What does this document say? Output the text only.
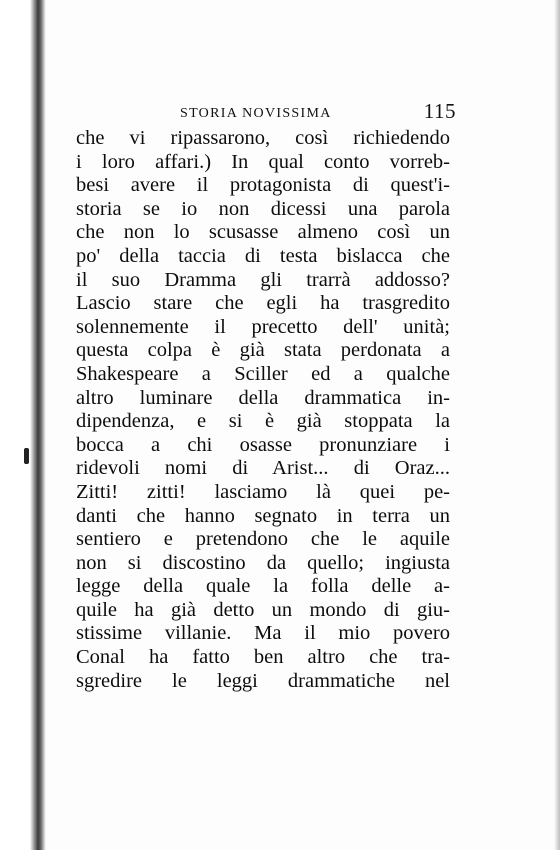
STORIA NOVISSIMA	115
che vi ripassarono, così richiedendo
i loro affari.) In qual conto vorreb-
besi avere il protagonista di quest'i-
storia se io non dicessi una parola
che non lo scusasse almeno così un
po' della taccia di testa bislacca che
il suo Dramma gli trarrà addosso?
Lascio stare che egli ha trasgredito
solennemente il precetto dell' unità;
questa colpa è già stata perdonata a
Shakespeare a Sciller ed a qualche
altro luminare della drammatica in-
dipendenza, e si è già stoppata la
bocca a chi osasse pronunziare i
ridevoli nomi di Arist... di Oraz...
Zitti! zitti! lasciamo là quei pe-
danti che hanno segnato in terra un
sentiero e pretendono che le aquile
non si discostino da quello; ingiusta
legge della quale la folla delle a-
quile ha già detto un mondo di giu-
stissime villanie. Ma il mio povero
Conal ha fatto ben altro che tra-
sgredire le leggi drammatiche nel
